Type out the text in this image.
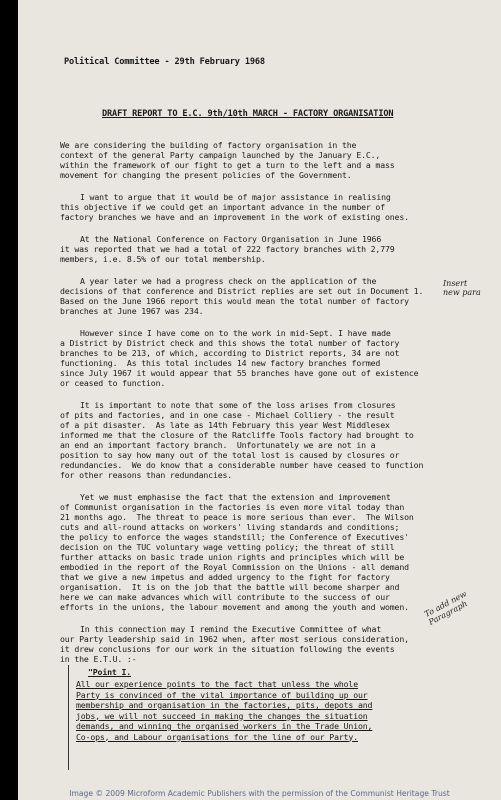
Political Committee - 29th February 1968
DRAFT REPORT TO E.C. 9th/10th MARCH - FACTORY ORGANISATION
We are considering the building of factory organisation in the
context of the general Party campaign launched by the January E.C.,
within the framework of our fight to get a turn to the left and a mass
movement for changing the present policies of the Government.
I want to argue that it would be of major assistance in realising
this objective if we could get an important advance in the number of
factory branches we have and an improvement in the work of existing ones.
At the National Conference on Factory Organisation in June 1966
it was reported that we had a total of 222 factory branches with 2,779
members, i.e. 8.5% of our total membership.
A year later we had a progress check on the application of the
decisions of that conference and District replies are set out in Document 1.
Based on the June 1966 report this would mean the total number of factory
branches at June 1967 was 234.
However since I have come on to the work in mid-Sept. I have made
a District by District check and this shows the total number of factory
branches to be 213, of which, according to District reports, 34 are not
functioning.  As this total includes 14 new factory branches formed
since July 1967 it would appear that 55 branches have gone out of existence
or ceased to function.
It is important to note that some of the loss arises from closures
of pits and factories, and in one case - Michael Colliery - the result
of a pit disaster.  As late as 14th February this year West Middlesex
informed me that the closure of the Ratcliffe Tools factory had brought to
an end an important factory branch.  Unfortunately we are not in a
position to say how many out of the total lost is caused by closures or
redundancies.  We do know that a considerable number have ceased to function
for other reasons than redundancies.
Yet we must emphasise the fact that the extension and improvement
of Communist organisation in the factories is even more vital today than
21 months ago.  The threat to peace is more serious than ever.  The Wilson
cuts and all-round attacks on workers' living standards and conditions;
the policy to enforce the wages standstill; the Conference of Executives'
decision on the TUC voluntary wage vetting policy; the threat of still
further attacks on basic trade union rights and principles which will be
embodied in the report of the Royal Commission on the Unions - all demand
that we give a new impetus and added urgency to the fight for factory
organisation.  It is on the job that the battle will become sharper and
here we can make advances which will contribute to the success of our
efforts in the unions, the labour movement and among the youth and women.
In this connection may I remind the Executive Committee of what
our Party leadership said in 1962 when, after most serious consideration,
it drew conclusions for our work in the situation following the events
in the E.T.U. :-
"Point I.
All our experience points to the fact that unless the whole
Party is convinced of the vital importance of building up our
membership and organisation in the factories, pits, depots and
jobs, we will not succeed in making the changes the situation
demands, and winning the organised workers in the Trade Union,
Co-ops, and Labour organisations for the line of our Party.
Insert
new para
To add new
Paragraph
Image © 2009 Microform Academic Publishers with the permission of the Communist Heritage Trust
